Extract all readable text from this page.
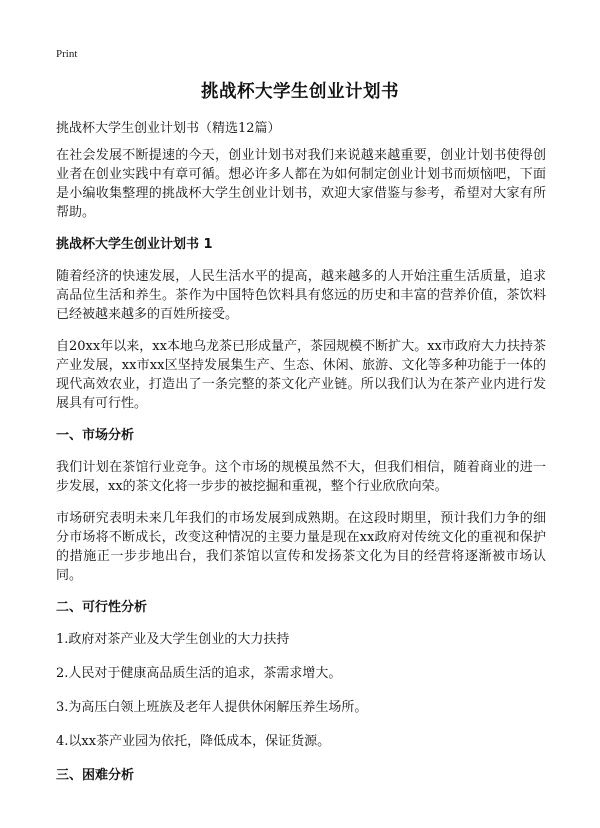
Print
挑战杯大学生创业计划书
挑战杯大学生创业计划书（精选12篇）

在社会发展不断提速的今天，创业计划书对我们来说越来越重要，创业计划书使得创业者在创业实践中有章可循。想必许多人都在为如何制定创业计划书而烦恼吧，下面是小编收集整理的挑战杯大学生创业计划书，欢迎大家借鉴与参考，希望对大家有所帮助。

挑战杯大学生创业计划书 1

随着经济的快速发展，人民生活水平的提高，越来越多的人开始注重生活质量，追求高品位生活和养生。茶作为中国特色饮料具有悠远的历史和丰富的营养价值，茶饮料已经被越来越多的百姓所接受。

自20xx年以来，xx本地乌龙茶已形成量产，茶园规模不断扩大。xx市政府大力扶持茶产业发展，xx市xx区坚持发展集生产、生态、休闲、旅游、文化等多种功能于一体的现代高效农业，打造出了一条完整的茶文化产业链。所以我们认为在茶产业内进行发展具有可行性。

一、市场分析

我们计划在茶馆行业竞争。这个市场的规模虽然不大，但我们相信，随着商业的进一步发展，xx的茶文化将一步步的被挖掘和重视，整个行业欣欣向荣。

市场研究表明未来几年我们的市场发展到成熟期。在这段时期里，预计我们力争的细分市场将不断成长，改变这种情况的主要力量是现在xx政府对传统文化的重视和保护的措施正一步步地出台，我们茶馆以宣传和发扬茶文化为目的经营将逐渐被市场认同。

二、可行性分析

1.政府对茶产业及大学生创业的大力扶持

2.人民对于健康高品质生活的追求，茶需求增大。

3.为高压白领上班族及老年人提供休闲解压养生场所。

4.以xx茶产业园为依托，降低成本，保证货源。

三、困难分析
